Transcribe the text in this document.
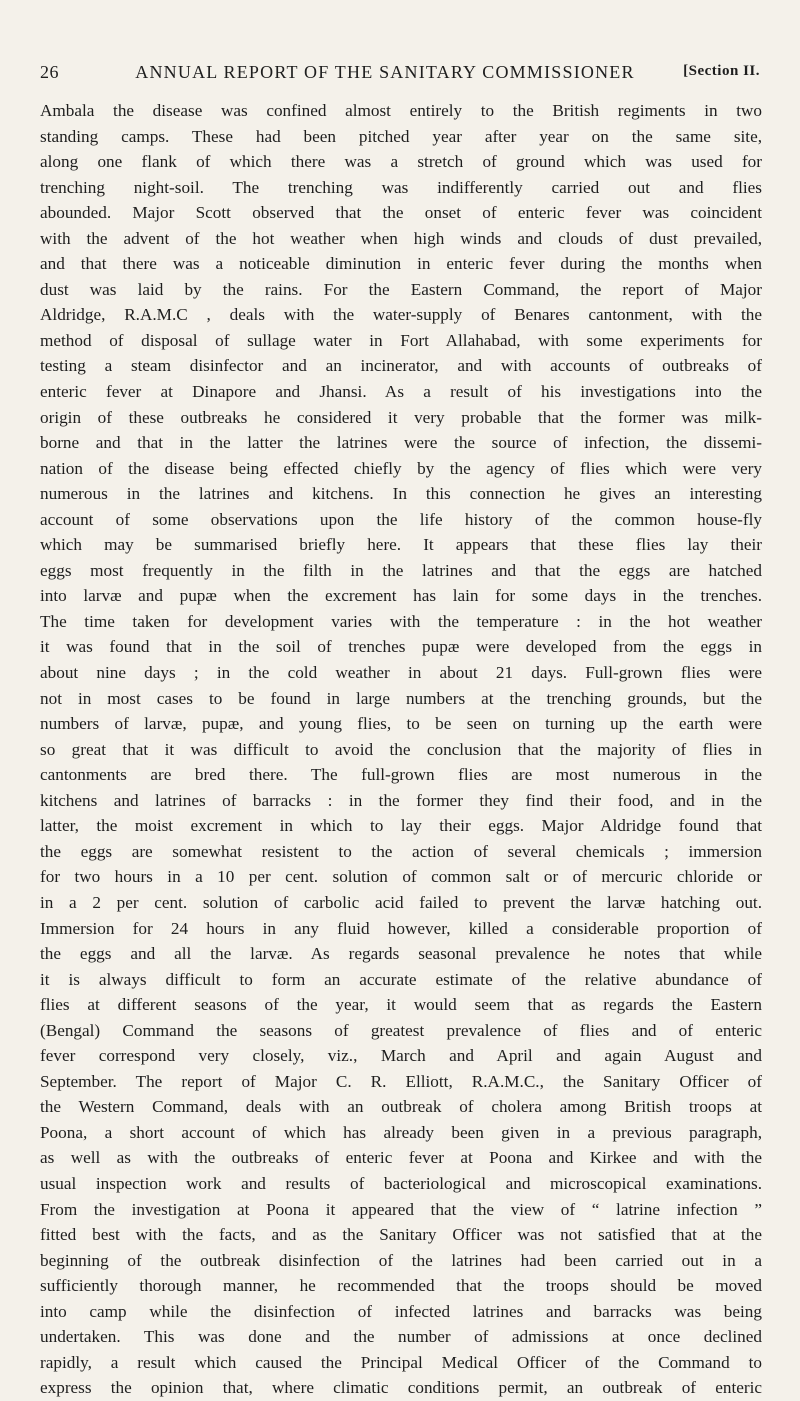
26	ANNUAL REPORT OF THE SANITARY COMMISSIONER	[Section II.
Ambala the disease was confined almost entirely to the British regiments in two
standing camps. These had been pitched year after year on the same site,
along one flank of which there was a stretch of ground which was used for
trenching night-soil. The trenching was indifferently carried out and flies
abounded. Major Scott observed that the onset of enteric fever was coincident
with the advent of the hot weather when high winds and clouds of dust prevailed,
and that there was a noticeable diminution in enteric fever during the months when
dust was laid by the rains. For the Eastern Command, the report of Major
Aldridge, R.A.M.C , deals with the water-supply of Benares cantonment, with the
method of disposal of sullage water in Fort Allahabad, with some experiments for
testing a steam disinfector and an incinerator, and with accounts of outbreaks of
enteric fever at Dinapore and Jhansi. As a result of his investigations into the
origin of these outbreaks he considered it very probable that the former was milk-
borne and that in the latter the latrines were the source of infection, the dissemi-
nation of the disease being effected chiefly by the agency of flies which were very
numerous in the latrines and kitchens. In this connection he gives an interesting
account of some observations upon the life history of the common house-fly
which may be summarised briefly here. It appears that these flies lay their
eggs most frequently in the filth in the latrines and that the eggs are hatched
into larvæ and pupæ when the excrement has lain for some days in the trenches.
The time taken for development varies with the temperature : in the hot weather
it was found that in the soil of trenches pupæ were developed from the eggs in
about nine days ; in the cold weather in about 21 days. Full-grown flies were
not in most cases to be found in large numbers at the trenching grounds, but the
numbers of larvæ, pupæ, and young flies, to be seen on turning up the earth were
so great that it was difficult to avoid the conclusion that the majority of flies in
cantonments are bred there. The full-grown flies are most numerous in the
kitchens and latrines of barracks : in the former they find their food, and in the
latter, the moist excrement in which to lay their eggs. Major Aldridge found that
the eggs are somewhat resistent to the action of several chemicals ; immersion
for two hours in a 10 per cent. solution of common salt or of mercuric chloride or
in a 2 per cent. solution of carbolic acid failed to prevent the larvæ hatching out.
Immersion for 24 hours in any fluid however, killed a considerable proportion of
the eggs and all the larvæ. As regards seasonal prevalence he notes that while
it is always difficult to form an accurate estimate of the relative abundance of
flies at different seasons of the year, it would seem that as regards the Eastern
(Bengal) Command the seasons of greatest prevalence of flies and of enteric
fever correspond very closely, viz., March and April and again August and
September. The report of Major C. R. Elliott, R.A.M.C., the Sanitary Officer of
the Western Command, deals with an outbreak of cholera among British troops at
Poona, a short account of which has already been given in a previous paragraph,
as well as with the outbreaks of enteric fever at Poona and Kirkee and with the
usual inspection work and results of bacteriological and microscopical examinations.
From the investigation at Poona it appeared that the view of “ latrine infection ”
fitted best with the facts, and as the Sanitary Officer was not satisfied that at the
beginning of the outbreak disinfection of the latrines had been carried out in a
sufficiently thorough manner, he recommended that the troops should be moved
into camp while the disinfection of infected latrines and barracks was being
undertaken. This was done and the number of admissions at once declined
rapidly, a result which caused the Principal Medical Officer of the Command to
express the opinion that, where climatic conditions permit, an outbreak of enteric
